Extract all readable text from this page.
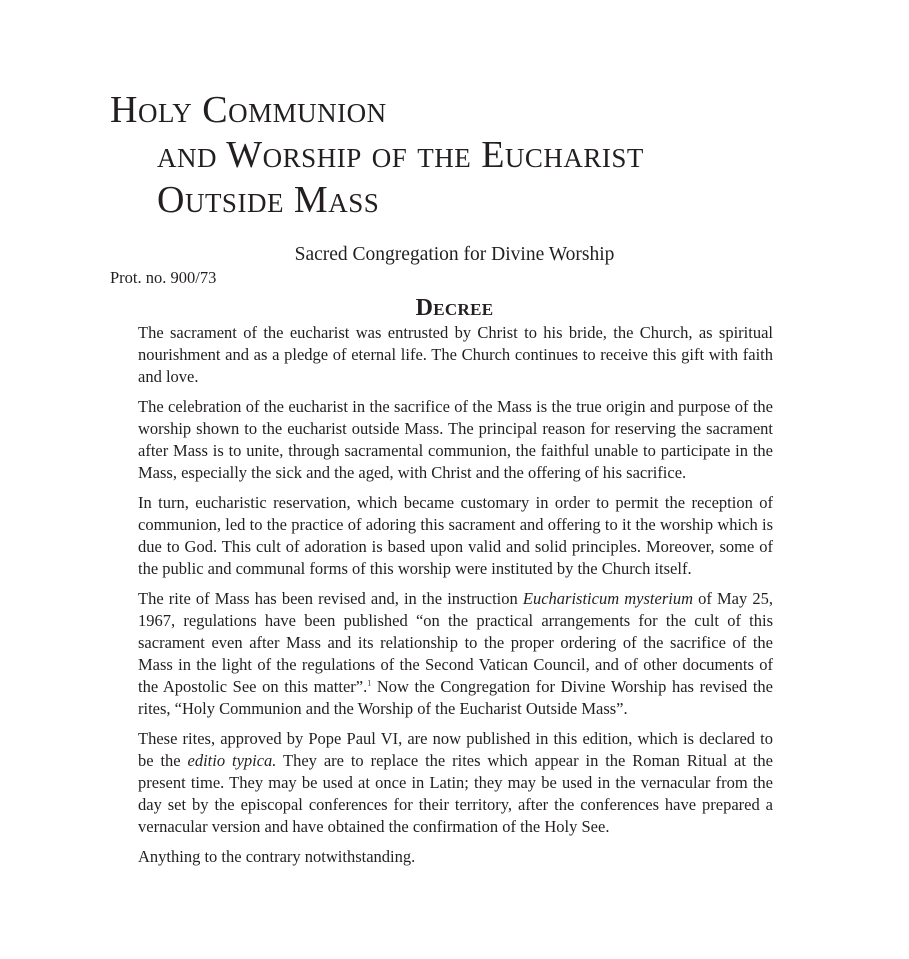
Holy Communion
and Worship of the Eucharist
Outside Mass
Sacred Congregation for Divine Worship
Prot. no. 900/73
Decree

The sacrament of the eucharist was entrusted by Christ to his bride, the Church, as spiritual nourishment and as a pledge of eternal life. The Church continues to receive this gift with faith and love.

The celebration of the eucharist in the sacrifice of the Mass is the true origin and purpose of the worship shown to the eucharist outside Mass. The principal reason for reserving the sacrament after Mass is to unite, through sacramental communion, the faithful unable to participate in the Mass, especially the sick and the aged, with Christ and the offering of his sacrifice.

In turn, eucharistic reservation, which became customary in order to permit the reception of communion, led to the practice of adoring this sacrament and offering to it the worship which is due to God. This cult of adoration is based upon valid and solid principles. Moreover, some of the public and communal forms of this worship were instituted by the Church itself.

The rite of Mass has been revised and, in the instruction Eucharisticum mysterium of May 25, 1967, regulations have been published “on the practical arrangements for the cult of this sacrament even after Mass and its relationship to the proper ordering of the sacrifice of the Mass in the light of the regulations of the Second Vatican Council, and of other documents of the Apostolic See on this matter”.$^1$ Now the Congregation for Divine Worship has revised the rites, “Holy Communion and the Worship of the Eucharist Outside Mass”.

These rites, approved by Pope Paul VI, are now published in this edition, which is declared to be the editio typica. They are to replace the rites which appear in the Roman Ritual at the present time. They may be used at once in Latin; they may be used in the vernacular from the day set by the episcopal conferences for their territory, after the conferences have prepared a vernacular version and have obtained the confirmation of the Holy See.

Anything to the contrary notwithstanding.
